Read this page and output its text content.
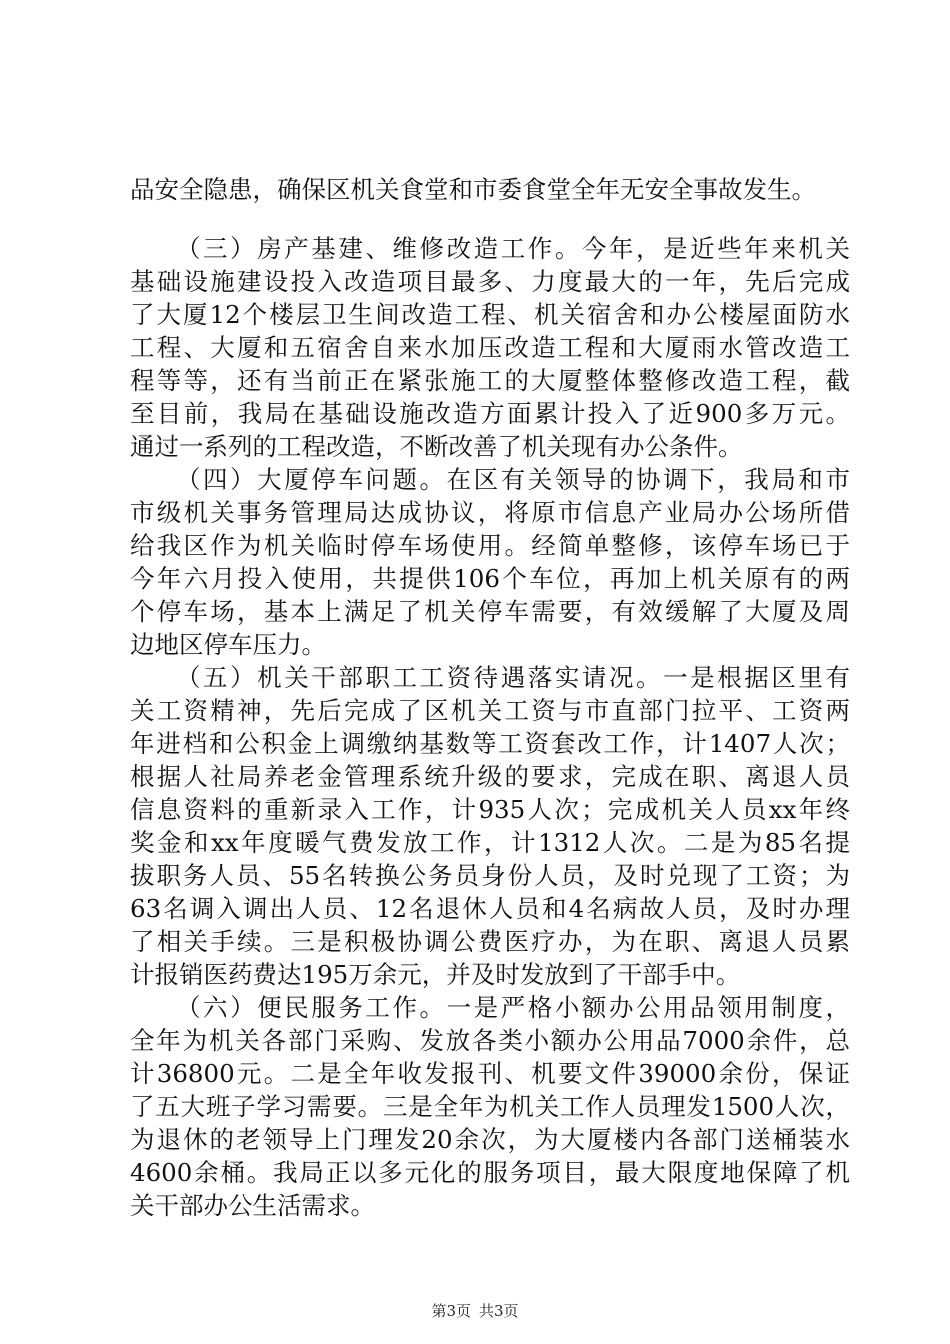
品安全隐患，确保区机关食堂和市委食堂全年无安全事故发生。
（三）房产基建、维修改造工作。今年，是近些年来机关
基础设施建设投入改造项目最多、力度最大的一年，先后完成
了大厦12个楼层卫生间改造工程、机关宿舍和办公楼屋面防水
工程、大厦和五宿舍自来水加压改造工程和大厦雨水管改造工
程等等，还有当前正在紧张施工的大厦整体整修改造工程，截
至目前，我局在基础设施改造方面累计投入了近900多万元。
通过一系列的工程改造，不断改善了机关现有办公条件。
（四）大厦停车问题。在区有关领导的协调下，我局和市
市级机关事务管理局达成协议，将原市信息产业局办公场所借
给我区作为机关临时停车场使用。经简单整修，该停车场已于
今年六月投入使用，共提供106个车位，再加上机关原有的两
个停车场，基本上满足了机关停车需要，有效缓解了大厦及周
边地区停车压力。
（五）机关干部职工工资待遇落实请况。一是根据区里有
关工资精神，先后完成了区机关工资与市直部门拉平、工资两
年进档和公积金上调缴纳基数等工资套改工作，计1407人次；
根据人社局养老金管理系统升级的要求，完成在职、离退人员
信息资料的重新录入工作，计935人次；完成机关人员xx年终
奖金和xx年度暖气费发放工作，计1312人次。二是为85名提
拔职务人员、55名转换公务员身份人员，及时兑现了工资；为
63名调入调出人员、12名退休人员和4名病故人员，及时办理
了相关手续。三是积极协调公费医疗办，为在职、离退人员累
计报销医药费达195万余元，并及时发放到了干部手中。
（六）便民服务工作。一是严格小额办公用品领用制度，
全年为机关各部门采购、发放各类小额办公用品7000余件，总
计36800元。二是全年收发报刊、机要文件39000余份，保证
了五大班子学习需要。三是全年为机关工作人员理发1500人次，
为退休的老领导上门理发20余次，为大厦楼内各部门送桶装水
4600余桶。我局正以多元化的服务项目，最大限度地保障了机
关干部办公生活需求。
第3页 共3页
